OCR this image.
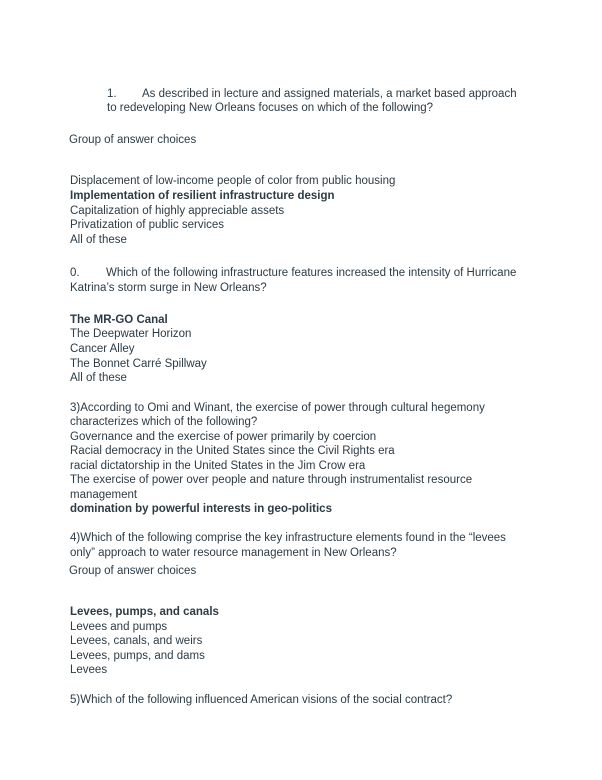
1. As described in lecture and assigned materials, a market based approach
to redeveloping New Orleans focuses on which of the following?
Group of answer choices
Displacement of low-income people of color from public housing
Implementation of resilient infrastructure design
Capitalization of highly appreciable assets
Privatization of public services
All of these
0. Which of the following infrastructure features increased the intensity of Hurricane
Katrina’s storm surge in New Orleans?
The MR-GO Canal
The Deepwater Horizon
Cancer Alley
The Bonnet Carré Spillway
All of these
3)According to Omi and Winant, the exercise of power through cultural hegemony
characterizes which of the following?
Governance and the exercise of power primarily by coercion
Racial democracy in the United States since the Civil Rights era
racial dictatorship in the United States in the Jim Crow era
The exercise of power over people and nature through instrumentalist resource
management
domination by powerful interests in geo-politics
4)Which of the following comprise the key infrastructure elements found in the “levees
only” approach to water resource management in New Orleans?
Group of answer choices
Levees, pumps, and canals
Levees and pumps
Levees, canals, and weirs
Levees, pumps, and dams
Levees
5)Which of the following influenced American visions of the social contract?
